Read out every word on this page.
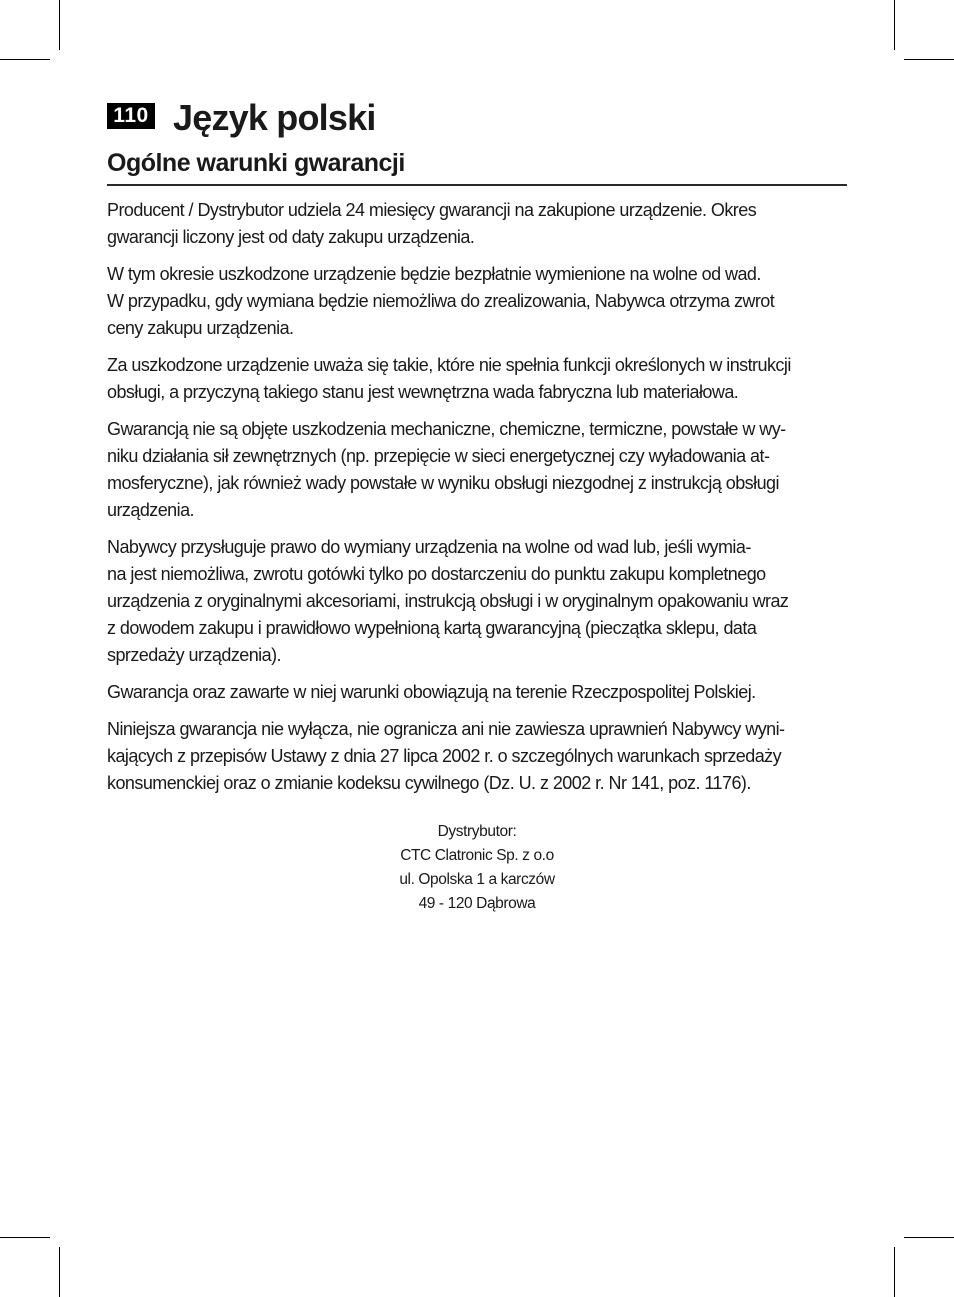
110 Język polski
Ogólne warunki gwarancji

Producent / Dystrybutor udziela 24 miesięcy gwarancji na zakupione urządzenie. Okres
gwarancji liczony jest od daty zakupu urządzenia.

W tym okresie uszkodzone urządzenie będzie bezpłatnie wymienione na wolne od wad.
W przypadku, gdy wymiana będzie niemożliwa do zrealizowania, Nabywca otrzyma zwrot
ceny zakupu urządzenia.

Za uszkodzone urządzenie uważa się takie, które nie spełnia funkcji określonych w instrukcji
obsługi, a przyczyną takiego stanu jest wewnętrzna wada fabryczna lub materiałowa.

Gwarancją nie są objęte uszkodzenia mechaniczne, chemiczne, termiczne, powstałe w wy-
niku działania sił zewnętrznych (np. przepięcie w sieci energetycznej czy wyładowania at-
mosferyczne), jak również wady powstałe w wyniku obsługi niezgodnej z instrukcją obsługi
urządzenia.

Nabywcy przysługuje prawo do wymiany urządzenia na wolne od wad lub, jeśli wymia-
na jest niemożliwa, zwrotu gotówki tylko po dostarczeniu do punktu zakupu kompletnego
urządzenia z oryginalnymi akcesoriami, instrukcją obsługi i w oryginalnym opakowaniu wraz
z dowodem zakupu i prawidłowo wypełnioną kartą gwarancyjną (pieczątka sklepu, data
sprzedaży urządzenia).

Gwarancja oraz zawarte w niej warunki obowiązują na terenie Rzeczpospolitej Polskiej.

Niniejsza gwarancja nie wyłącza, nie ogranicza ani nie zawiesza uprawnień Nabywcy wyni-
kających z przepisów Ustawy z dnia 27 lipca 2002 r. o szczególnych warunkach sprzedaży
konsumenckiej oraz o zmianie kodeksu cywilnego (Dz. U. z 2002 r. Nr 141, poz. 1176).

Dystrybutor:
CTC Clatronic Sp. z o.o
ul. Opolska 1 a karczów
49 - 120 Dąbrowa
